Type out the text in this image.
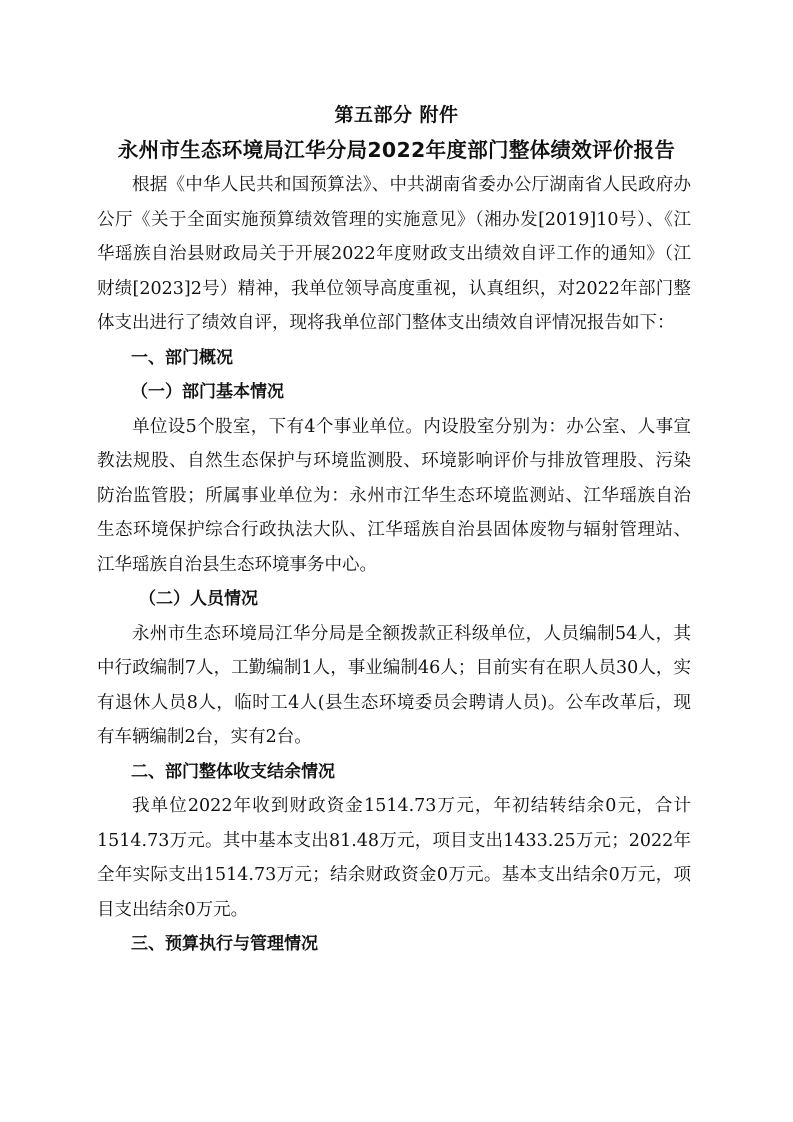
第五部分 附件
永州市生态环境局江华分局2022年度部门整体绩效评价报告

根据《中华人民共和国预算法》、中共湖南省委办公厅湖南省人民政府办公厅《关于全面实施预算绩效管理的实施意见》（湘办发[2019]10号）、《江华瑶族自治县财政局关于开展2022年度财政支出绩效自评工作的通知》（江财绩[2023]2号）精神，我单位领导高度重视，认真组织，对2022年部门整体支出进行了绩效自评，现将我单位部门整体支出绩效自评情况报告如下：

一、部门概况

（一）部门基本情况

单位设5个股室，下有4个事业单位。内设股室分别为：办公室、人事宣教法规股、自然生态保护与环境监测股、环境影响评价与排放管理股、污染防治监管股；所属事业单位为：永州市江华生态环境监测站、江华瑶族自治生态环境保护综合行政执法大队、江华瑶族自治县固体废物与辐射管理站、江华瑶族自治县生态环境事务中心。

（二）人员情况

永州市生态环境局江华分局是全额拨款正科级单位，人员编制54人，其中行政编制7人，工勤编制1人，事业编制46人；目前实有在职人员30人，实有退休人员8人，临时工4人(县生态环境委员会聘请人员)。公车改革后，现有车辆编制2台，实有2台。

二、部门整体收支结余情况

我单位2022年收到财政资金1514.73万元，年初结转结余0元，合计1514.73万元。其中基本支出81.48万元，项目支出1433.25万元；2022年全年实际支出1514.73万元；结余财政资金0万元。基本支出结余0万元，项目支出结余0万元。

三、预算执行与管理情况
